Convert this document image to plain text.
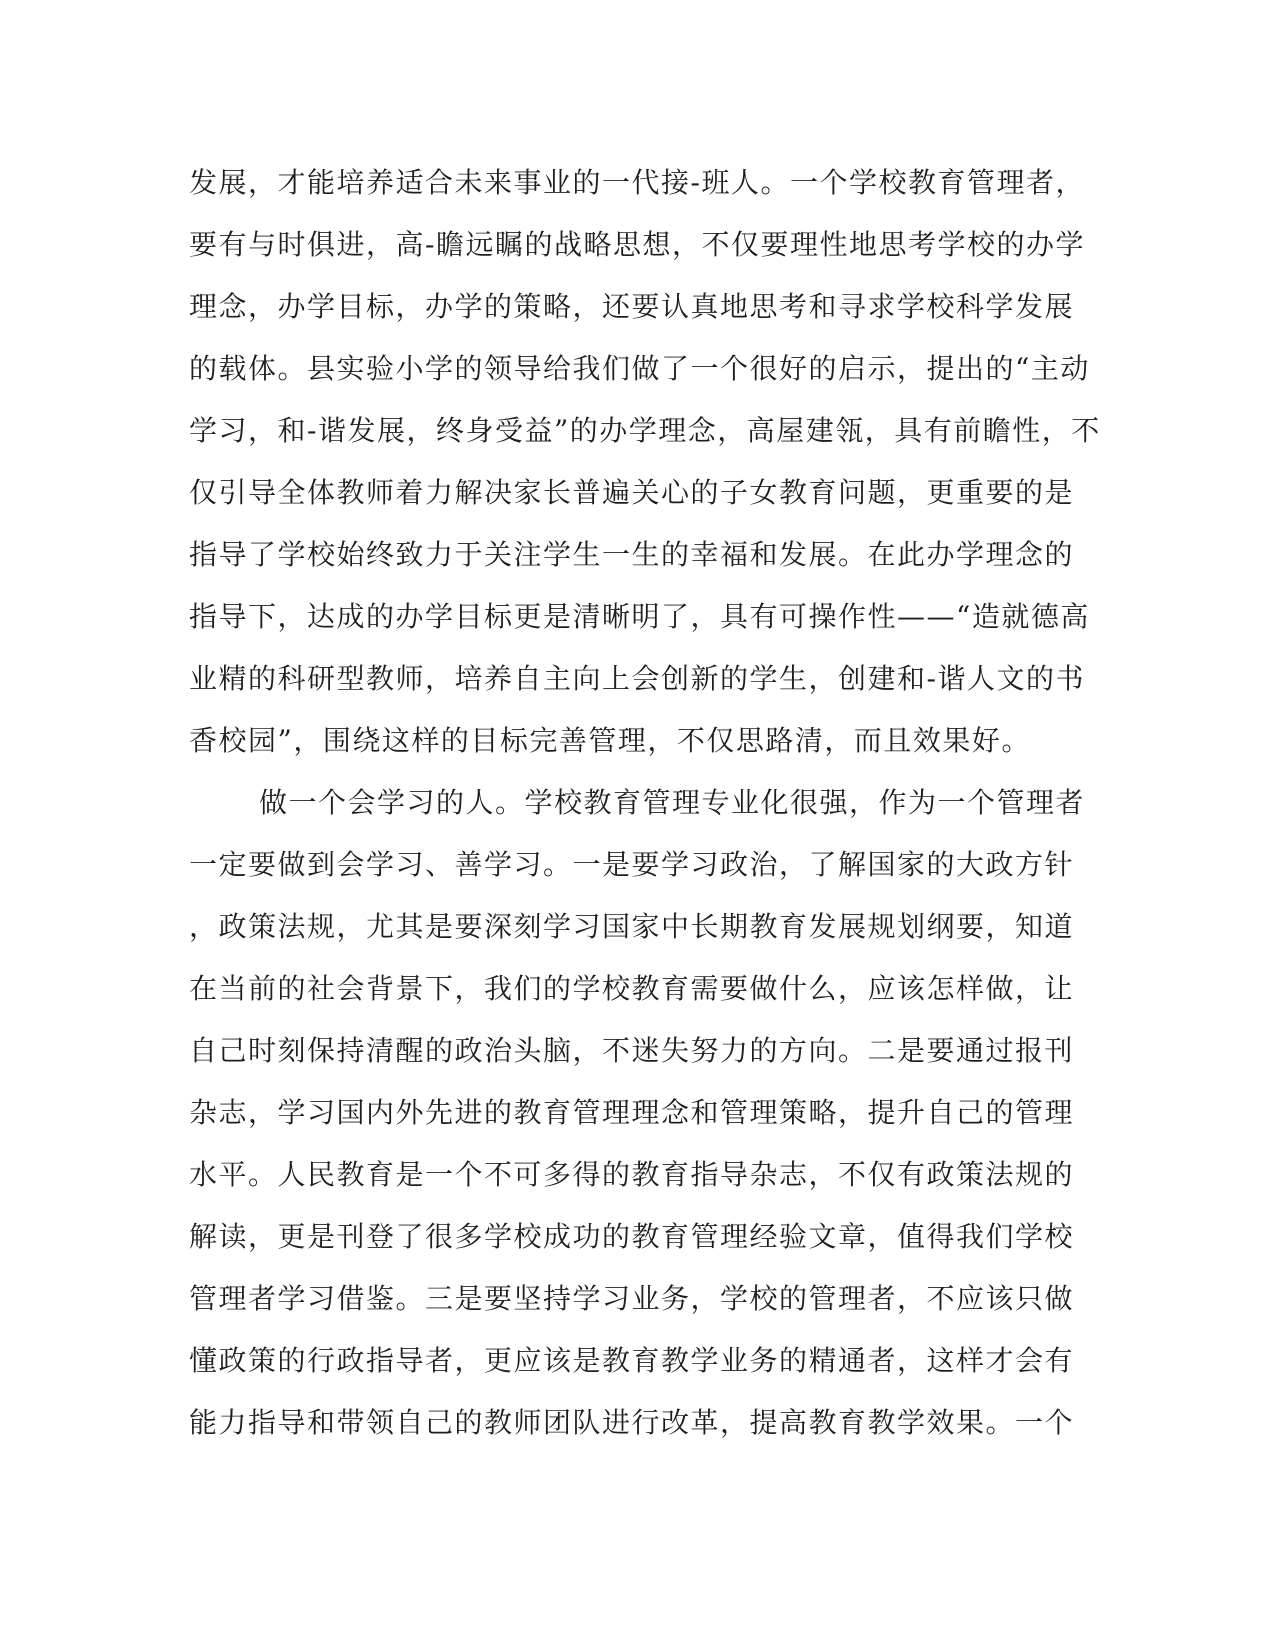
发展，才能培养适合未来事业的一代接-班人。一个学校教育管理者，
要有与时俱进，高-瞻远瞩的战略思想，不仅要理性地思考学校的办学
理念，办学目标，办学的策略，还要认真地思考和寻求学校科学发展
的载体。县实验小学的领导给我们做了一个很好的启示，提出的“主动
学习，和-谐发展，终身受益”的办学理念，高屋建瓴，具有前瞻性，不
仅引导全体教师着力解决家长普遍关心的子女教育问题，更重要的是
指导了学校始终致力于关注学生一生的幸福和发展。在此办学理念的
指导下，达成的办学目标更是清晰明了，具有可操作性——“造就德高
业精的科研型教师，培养自主向上会创新的学生，创建和-谐人文的书
香校园”，围绕这样的目标完善管理，不仅思路清，而且效果好。
做一个会学习的人。学校教育管理专业化很强，作为一个管理者
一定要做到会学习、善学习。一是要学习政治，了解国家的大政方针
，政策法规，尤其是要深刻学习国家中长期教育发展规划纲要，知道
在当前的社会背景下，我们的学校教育需要做什么，应该怎样做，让
自己时刻保持清醒的政治头脑，不迷失努力的方向。二是要通过报刊
杂志，学习国内外先进的教育管理理念和管理策略，提升自己的管理
水平。人民教育是一个不可多得的教育指导杂志，不仅有政策法规的
解读，更是刊登了很多学校成功的教育管理经验文章，值得我们学校
管理者学习借鉴。三是要坚持学习业务，学校的管理者，不应该只做
懂政策的行政指导者，更应该是教育教学业务的精通者，这样才会有
能力指导和带领自己的教师团队进行改革，提高教育教学效果。一个
